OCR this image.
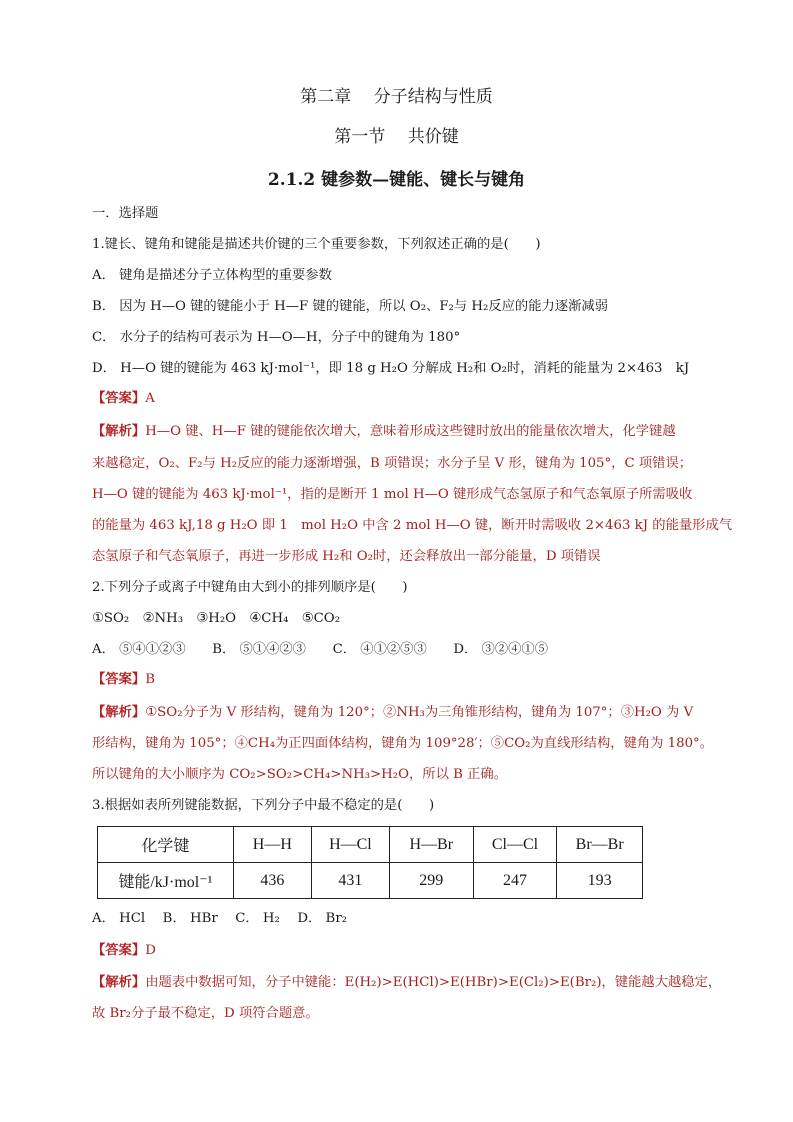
第二章　 分子结构与性质
第一节　 共价键
2.1.2 键参数—键能、键长与键角
一．选择题
1.键长、键角和键能是描述共价键的三个重要参数，下列叙述正确的是(　　)
A． 键角是描述分子立体构型的重要参数
B． 因为 H—O 键的键能小于 H—F 键的键能，所以 O₂、F₂与 H₂反应的能力逐渐减弱
C． 水分子的结构可表示为 H—O—H，分子中的键角为 180°
D． H—O 键的键能为 463 kJ·mol⁻¹，即 18 g H₂O 分解成 H₂和 O₂时，消耗的能量为 2×463　kJ
【答案】A
【解析】H—O 键、H—F 键的键能依次增大，意味着形成这些键时放出的能量依次增大，化学键越
来越稳定，O₂、F₂与 H₂反应的能力逐渐增强，B 项错误；水分子呈 V 形，键角为 105°，C 项错误；
H—O 键的键能为 463 kJ·mol⁻¹，指的是断开 1 mol H—O 键形成气态氢原子和气态氧原子所需吸收
的能量为 463 kJ,18 g H₂O 即 1　mol H₂O 中含 2 mol H—O 键，断开时需吸收 2×463 kJ 的能量形成气
态氢原子和气态氧原子，再进一步形成 H₂和 O₂时，还会释放出一部分能量，D 项错误
2.下列分子或离子中键角由大到小的排列顺序是(　　)
①SO₂　②NH₃　③H₂O　④CH₄　⑤CO₂
A． ⑤④①②③　　B． ⑤①④②③　　C． ④①②⑤③　　D． ③②④①⑤
【答案】B
【解析】①SO₂分子为 V 形结构，键角为 120°；②NH₃为三角锥形结构，键角为 107°；③H₂O 为 V
形结构，键角为 105°；④CH₄为正四面体结构，键角为 109°28′；⑤CO₂为直线形结构，键角为 180°。
所以键角的大小顺序为 CO₂>SO₂>CH₄>NH₃>H₂O，所以 B 正确。
3.根据如表所列键能数据，下列分子中最不稳定的是(　　)
化学键	H—H	H—Cl	H—Br	Cl—Cl	Br—Br
键能/kJ·mol⁻¹	436	431	299	247	193
A． HCl　 B． HBr　 C． H₂　 D． Br₂
【答案】D
【解析】由题表中数据可知，分子中键能：E(H₂)>E(HCl)>E(HBr)>E(Cl₂)>E(Br₂)，键能越大越稳定，
故 Br₂分子最不稳定，D 项符合题意。
